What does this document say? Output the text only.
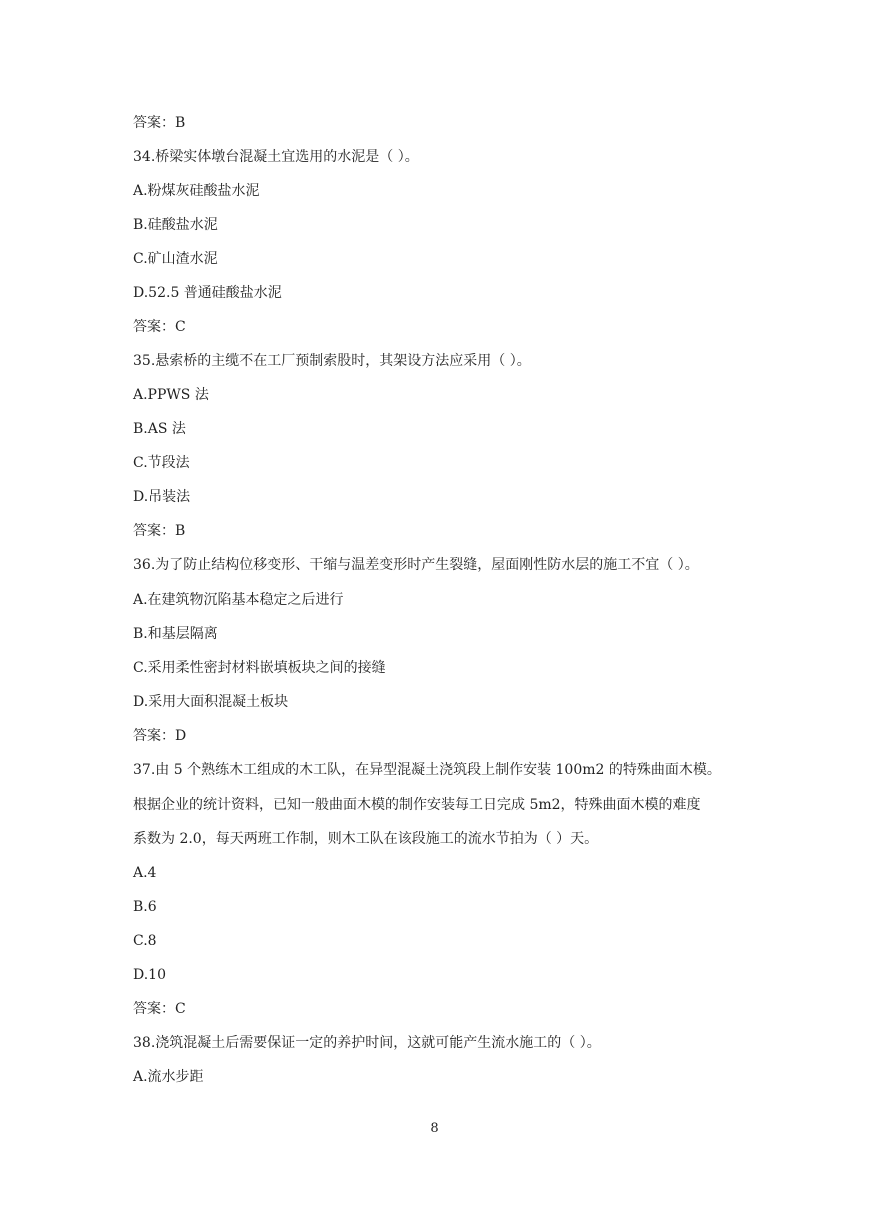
答案：B
34.桥梁实体墩台混凝土宜选用的水泥是（ ）。
A.粉煤灰硅酸盐水泥
B.硅酸盐水泥
C.矿山渣水泥
D.52.5 普通硅酸盐水泥
答案：C
35.悬索桥的主缆不在工厂预制索股时，其架设方法应采用（ ）。
A.PPWS 法
B.AS 法
C.节段法
D.吊装法
答案：B
36.为了防止结构位移变形、干缩与温差变形时产生裂缝，屋面刚性防水层的施工不宜（ ）。
A.在建筑物沉陷基本稳定之后进行
B.和基层隔离
C.采用柔性密封材料嵌填板块之间的接缝
D.采用大面积混凝土板块
答案：D
37.由 5 个熟练木工组成的木工队，在异型混凝土浇筑段上制作安装 100m2 的特殊曲面木模。
根据企业的统计资料，已知一般曲面木模的制作安装每工日完成 5m2，特殊曲面木模的难度
系数为 2.0，每天两班工作制，则木工队在该段施工的流水节拍为（ ）天。
A.4
B.6
C.8
D.10
答案：C
38.浇筑混凝土后需要保证一定的养护时间，这就可能产生流水施工的（ ）。
A.流水步距
8
